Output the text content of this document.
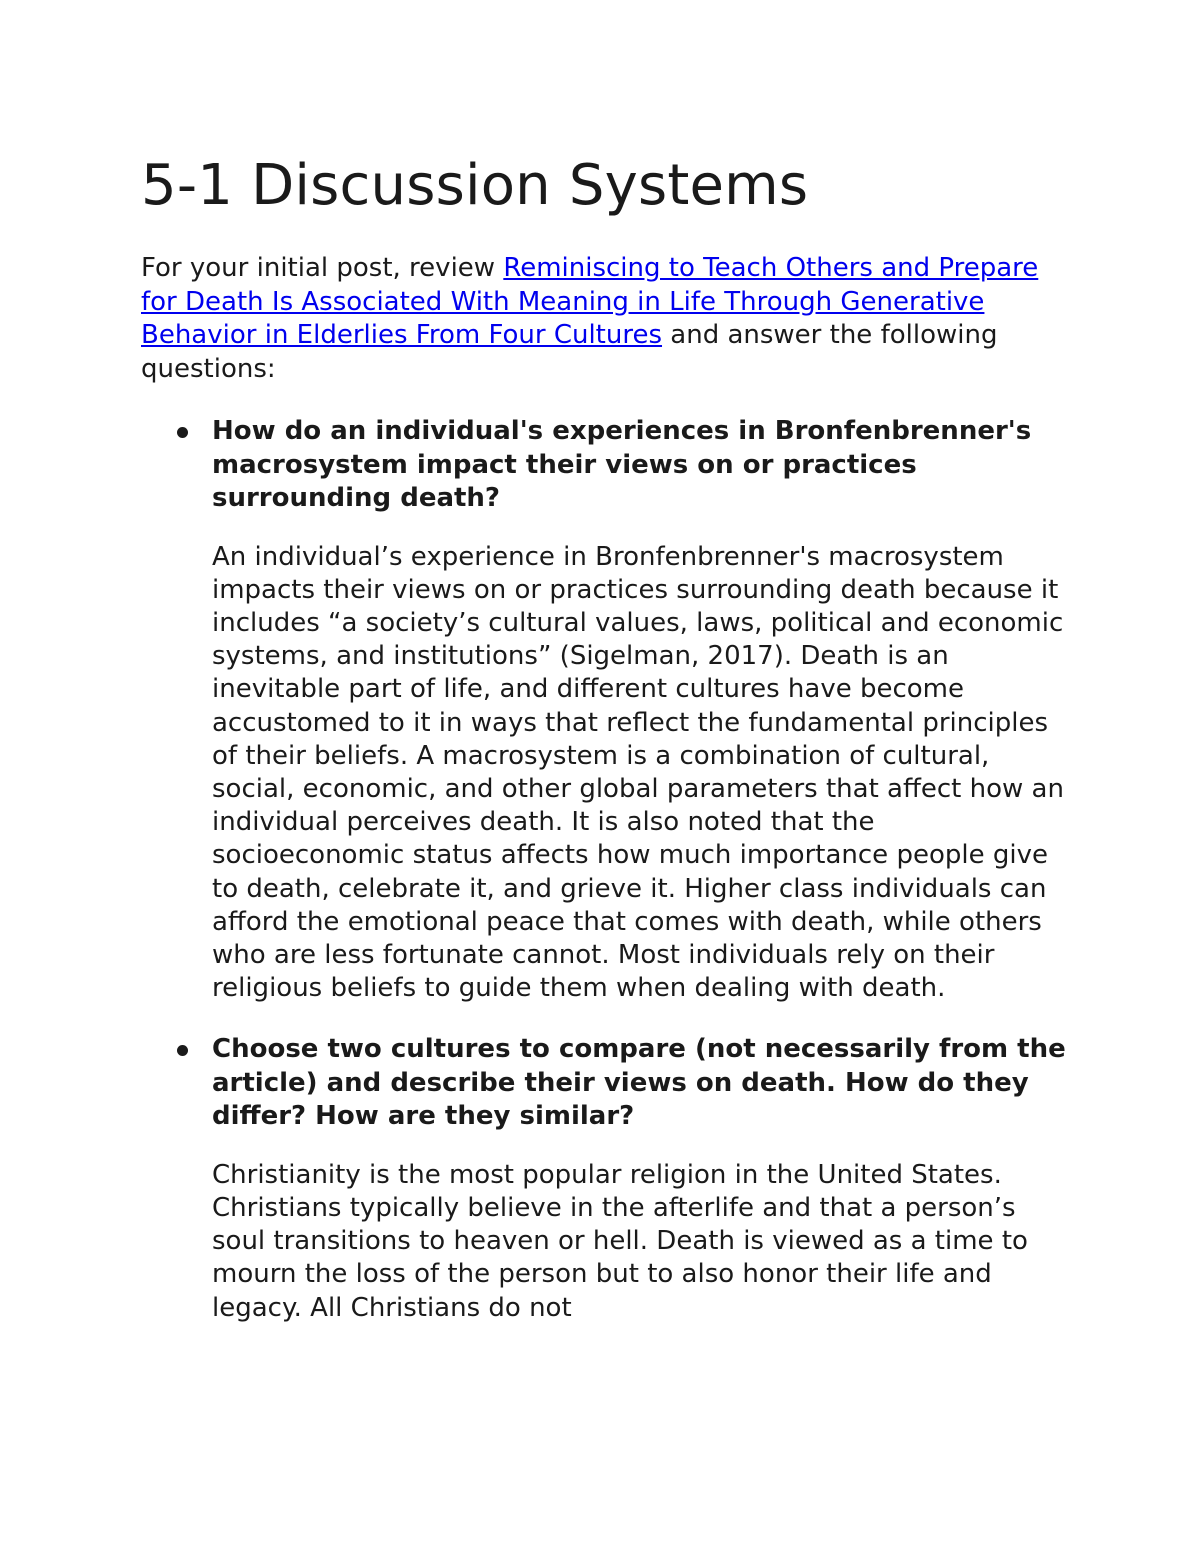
5-1 Discussion Systems

For your initial post, review Reminiscing to Teach Others and Prepare for Death Is Associated With Meaning in Life Through Generative Behavior in Elderlies From Four Cultures and answer the following questions:

How do an individual's experiences in Bronfenbrenner's macrosystem impact their views on or practices surrounding death?

An individual’s experience in Bronfenbrenner's macrosystem impacts their views on or practices surrounding death because it includes “a society’s cultural values, laws, political and economic systems, and institutions” (Sigelman, 2017). Death is an inevitable part of life, and different cultures have become accustomed to it in ways that reflect the fundamental principles of their beliefs. A macrosystem is a combination of cultural, social, economic, and other global parameters that affect how an individual perceives death. It is also noted that the socioeconomic status affects how much importance people give to death, celebrate it, and grieve it. Higher class individuals can afford the emotional peace that comes with death, while others who are less fortunate cannot. Most individuals rely on their religious beliefs to guide them when dealing with death.

Choose two cultures to compare (not necessarily from the article) and describe their views on death. How do they differ? How are they similar?

Christianity is the most popular religion in the United States. Christians typically believe in the afterlife and that a person’s soul transitions to heaven or hell. Death is viewed as a time to mourn the loss of the person but to also honor their life and legacy. All Christians do not
